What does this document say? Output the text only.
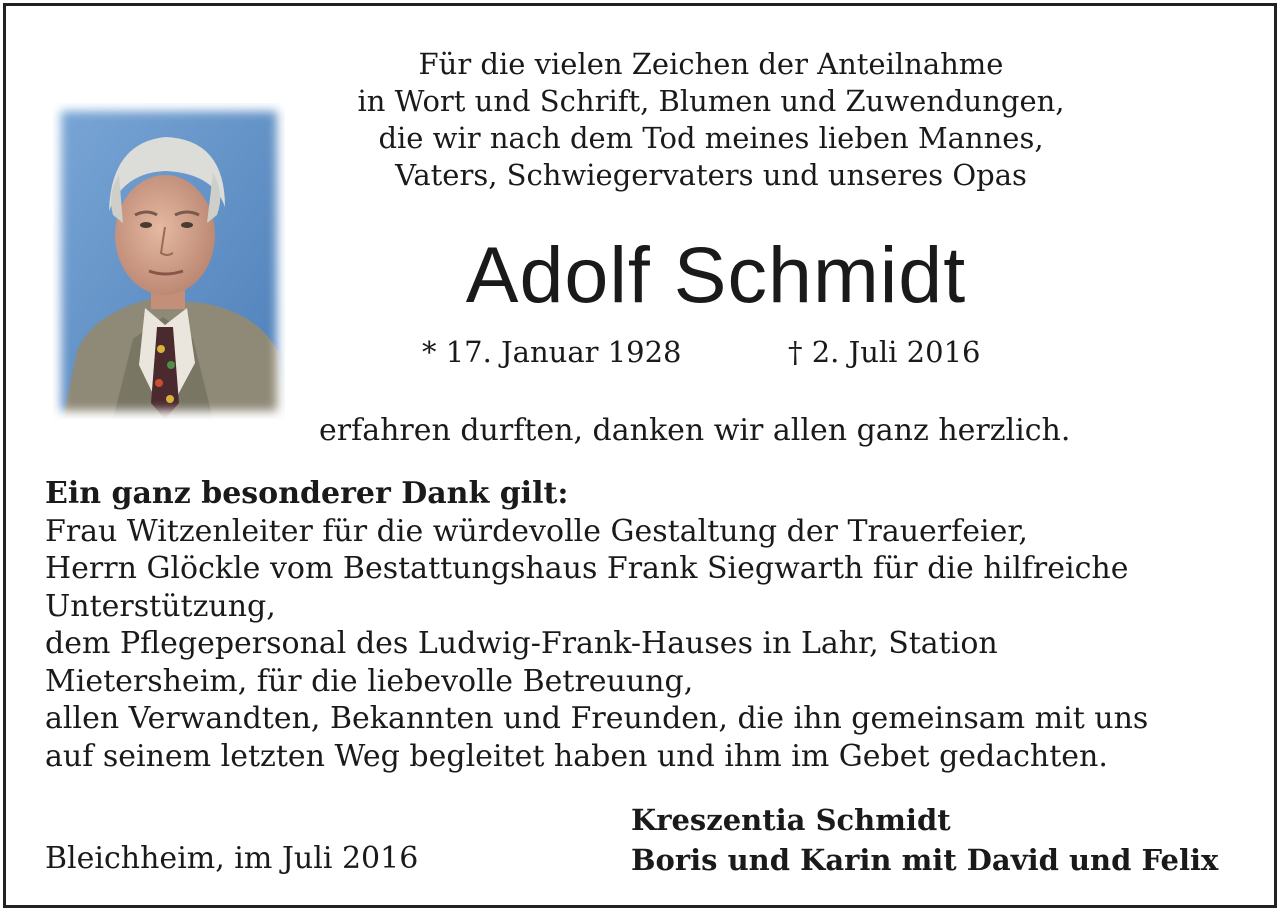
Für die vielen Zeichen der Anteilnahme
in Wort und Schrift, Blumen und Zuwendungen,
die wir nach dem Tod meines lieben Mannes,
Vaters, Schwiegervaters und unseres Opas
Adolf Schmidt
* 17. Januar 1928	† 2. Juli 2016
erfahren durften, danken wir allen ganz herzlich.
Ein ganz besonderer Dank gilt:
Frau Witzenleiter für die würdevolle Gestaltung der Trauerfeier,
Herrn Glöckle vom Bestattungshaus Frank Siegwarth für die hilfreiche
Unterstützung,
dem Pflegepersonal des Ludwig-Frank-Hauses in Lahr, Station
Mietersheim, für die liebevolle Betreuung,
allen Verwandten, Bekannten und Freunden, die ihn gemeinsam mit uns
auf seinem letzten Weg begleitet haben und ihm im Gebet gedachten.
Bleichheim, im Juli 2016
Kreszentia Schmidt
Boris und Karin mit David und Felix
